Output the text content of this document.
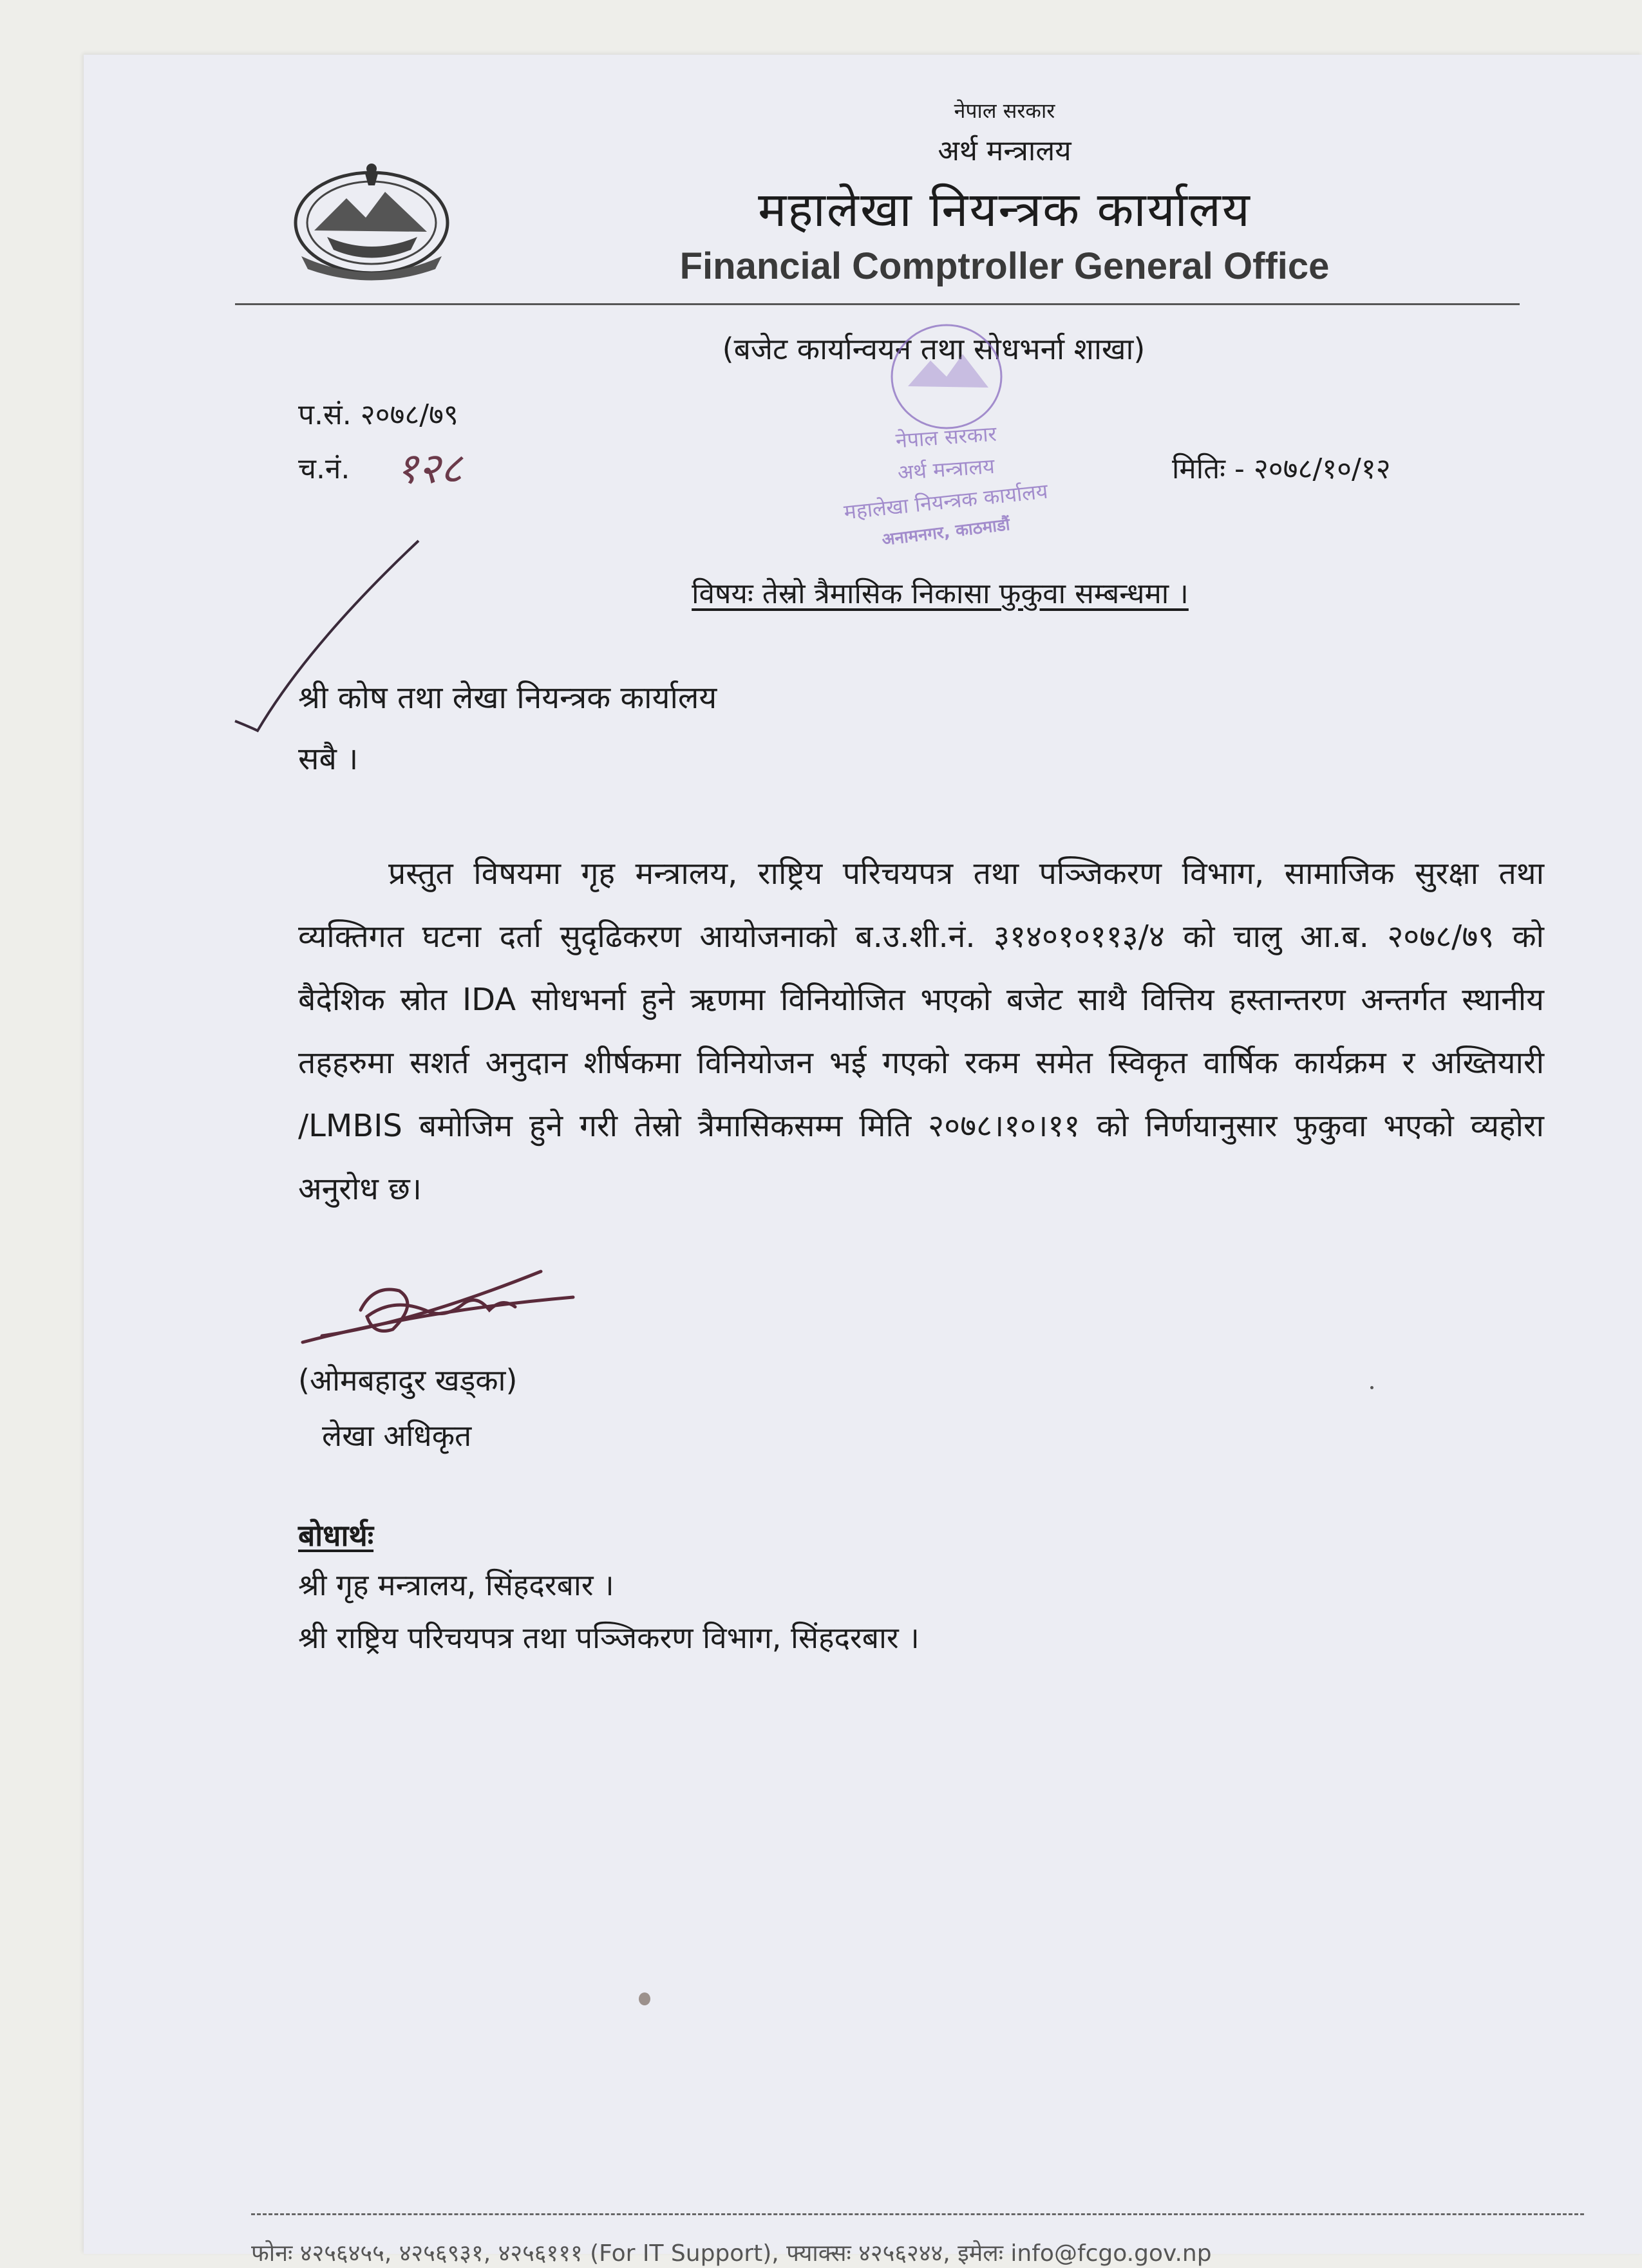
नेपाल सरकार
अर्थ मन्त्रालय
महालेखा नियन्त्रक कार्यालय
Financial Comptroller General Office
(बजेट कार्यान्वयन तथा सोधभर्ना शाखा)
प.सं. २०७८/७९
च.नं. १२८	मितिः - २०७८/१०/१२
नेपाल सरकार
अर्थ मन्त्रालय
महालेखा नियन्त्रक कार्यालय
अनामनगर, काठमाडौं
विषयः तेस्रो त्रैमासिक निकासा फुकुवा सम्बन्धमा ।
श्री कोष तथा लेखा नियन्त्रक कार्यालय
सबै ।
प्रस्तुत विषयमा गृह मन्त्रालय, राष्ट्रिय परिचयपत्र तथा पञ्जिकरण विभाग, सामाजिक सुरक्षा तथा व्यक्तिगत घटना दर्ता सुदृढिकरण आयोजनाको ब.उ.शी.नं. ३१४०१०११३/४ को चालु आ.ब. २०७८/७९ को बैदेशिक स्रोत IDA सोधभर्ना हुने ऋणमा विनियोजित भएको बजेट साथै वित्तिय हस्तान्तरण अन्तर्गत स्थानीय तहहरुमा सशर्त अनुदान शीर्षकमा विनियोजन भई गएको रकम समेत स्विकृत वार्षिक कार्यक्रम र अख्तियारी /LMBIS बमोजिम हुने गरी तेस्रो त्रैमासिकसम्म मिति २०७८।१०।११ को निर्णयानुसार फुकुवा भएको व्यहोरा अनुरोध छ।
(ओमबहादुर खड्का)
लेखा अधिकृत
बोधार्थः
श्री गृह मन्त्रालय, सिंहदरबार ।
श्री राष्ट्रिय परिचयपत्र तथा पञ्जिकरण विभाग, सिंहदरबार ।
फोनः ४२५६४५५, ४२५६९३१, ४२५६१११ (For IT Support), फ्याक्सः ४२५६२४४, इमेलः info@fcgo.gov.np
